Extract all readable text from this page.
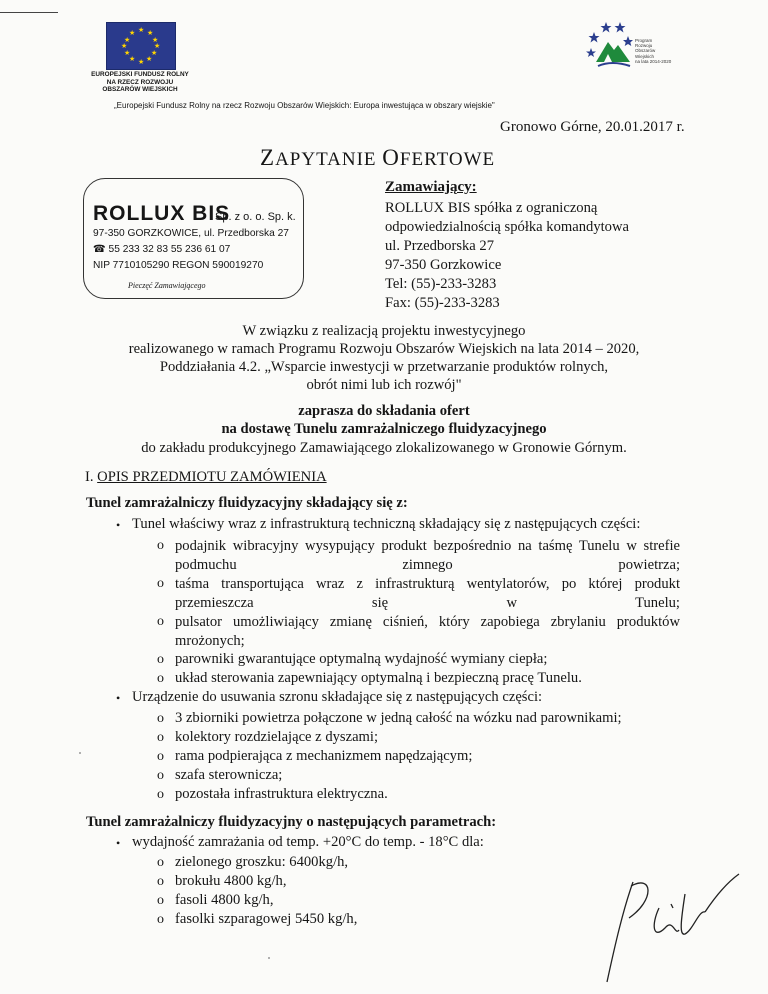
★ ★
★
★
★
★
★
★
★
★
★
★
EUROPEJSKI FUNDUSZ ROLNY
NA RZECZ ROZWOJU
OBSZARÓW WIEJSKICH
Program
Rozwoju
Obszarów
Wiejskich
na lata 2014-2020
„Europejski Fundusz Rolny na rzecz Rozwoju Obszarów Wiejskich: Europa inwestująca w obszary wiejskie"
Gronowo Górne, 20.01.2017 r.
ZAPYTANIE OFERTOWE
ROLLUX BIS
Sp. z o. o. Sp. k.
97-350 GORZKOWICE, ul. Przedborska 27
☎ 55 233 32 83 55 236 61 07
NIP 7710105290 REGON 590019270
Pieczęć Zamawiającego
Zamawiający:
ROLLUX BIS spółka z ograniczoną
odpowiedzialnością spółka komandytowa
ul. Przedborska 27
97-350 Gorzkowice
Tel: (55)-233-3283
Fax: (55)-233-3283
W związku z realizacją projektu inwestycyjnego
realizowanego w ramach Programu Rozwoju Obszarów Wiejskich na lata 2014 – 2020,
Poddziałania 4.2. „Wsparcie inwestycji w przetwarzanie produktów rolnych,
obrót nimi lub ich rozwój"
zaprasza do składania ofert
na dostawę Tunelu zamrażalniczego fluidyzacyjnego
do zakładu produkcyjnego Zamawiającego zlokalizowanego w Gronowie Górnym.
I. OPIS PRZEDMIOTU ZAMÓWIENIA
Tunel zamrażalniczy fluidyzacyjny składający się z:
• Tunel właściwy wraz z infrastrukturą techniczną składający się z następujących części:
o podajnik wibracyjny wysypujący produkt bezpośrednio na taśmę Tunelu w strefie podmuchu zimnego powietrza;
o taśma transportująca wraz z infrastrukturą wentylatorów, po której produkt przemieszcza się w Tunelu;
o pulsator umożliwiający zmianę ciśnień, który zapobiega zbrylaniu produktów mrożonych;
o parowniki gwarantujące optymalną wydajność wymiany ciepła;
o układ sterowania zapewniający optymalną i bezpieczną pracę Tunelu.
• Urządzenie do usuwania szronu składające się z następujących części:
o 3 zbiorniki powietrza połączone w jedną całość na wózku nad parownikami;
o kolektory rozdzielające z dyszami;
o rama podpierająca z mechanizmem napędzającym;
o szafa sterownicza;
o pozostała infrastruktura elektryczna.
Tunel zamrażalniczy fluidyzacyjny o następujących parametrach:
• wydajność zamrażania od temp. +20°C do temp. - 18°C dla:
o zielonego groszku: 6400kg/h,
o brokułu 4800 kg/h,
o fasoli 4800 kg/h,
o fasolki szparagowej 5450 kg/h,
